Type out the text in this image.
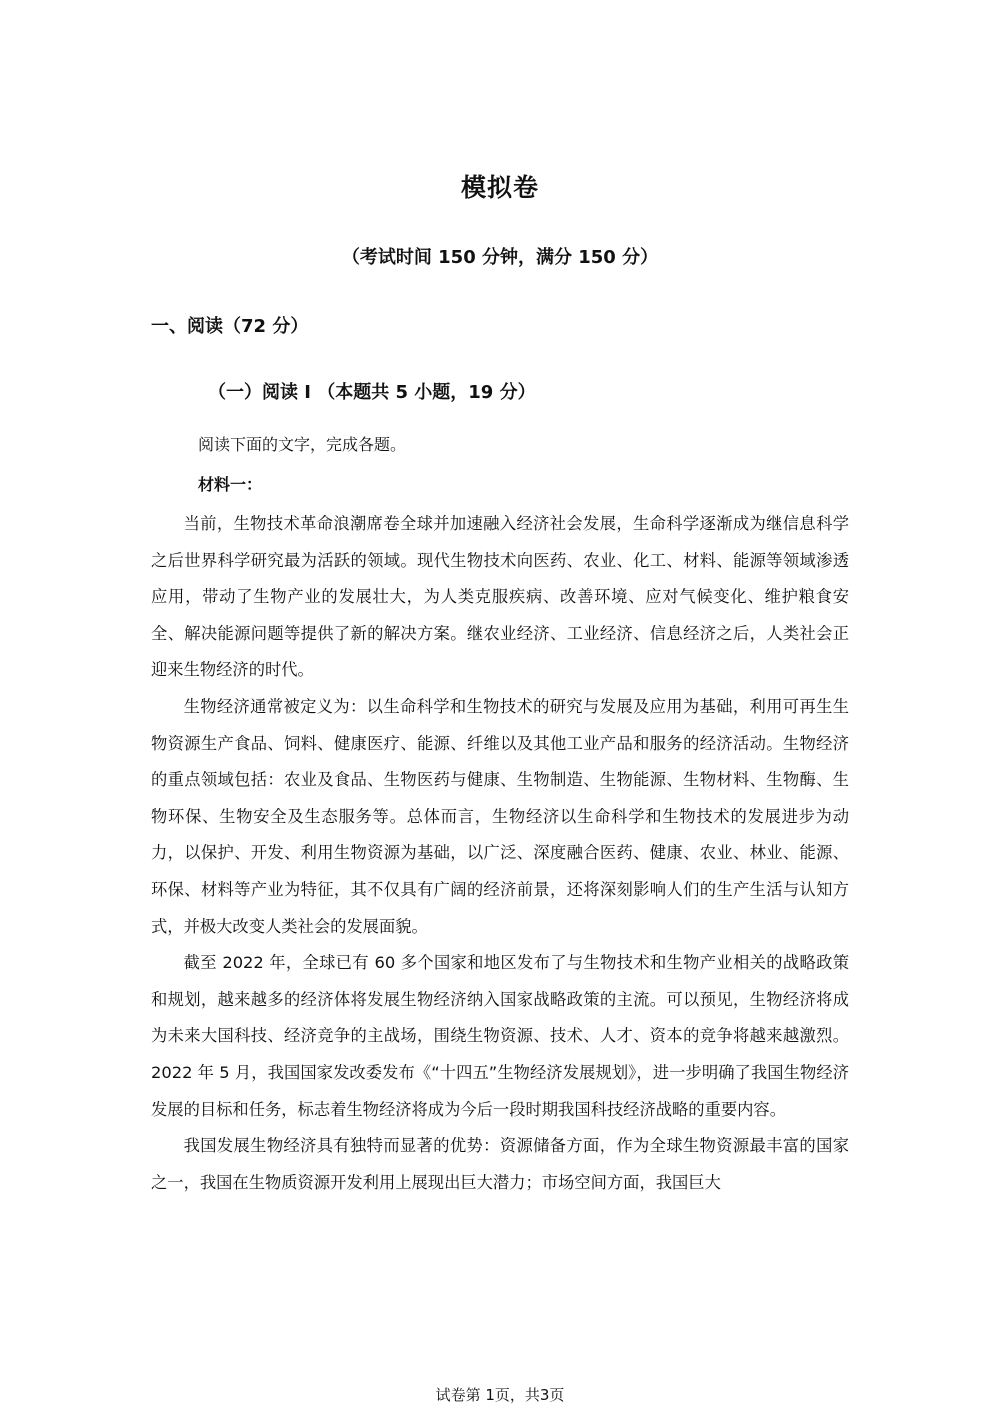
模拟卷
（考试时间 150 分钟，满分 150 分）
一、阅读（72 分）
（一）阅读 I （本题共 5 小题，19 分）
阅读下面的文字，完成各题。
材料一：

当前，生物技术革命浪潮席卷全球并加速融入经济社会发展，生命科学逐渐成为继信息科学之后世界科学研究最为活跃的领域。现代生物技术向医药、农业、化工、材料、能源等领域渗透应用，带动了生物产业的发展壮大，为人类克服疾病、改善环境、应对气候变化、维护粮食安全、解决能源问题等提供了新的解决方案。继农业经济、工业经济、信息经济之后，人类社会正迎来生物经济的时代。

生物经济通常被定义为：以生命科学和生物技术的研究与发展及应用为基础，利用可再生生物资源生产食品、饲料、健康医疗、能源、纤维以及其他工业产品和服务的经济活动。生物经济的重点领域包括：农业及食品、生物医药与健康、生物制造、生物能源、生物材料、生物酶、生物环保、生物安全及生态服务等。总体而言，生物经济以生命科学和生物技术的发展进步为动力，以保护、开发、利用生物资源为基础，以广泛、深度融合医药、健康、农业、林业、能源、环保、材料等产业为特征，其不仅具有广阔的经济前景，还将深刻影响人们的生产生活与认知方式，并极大改变人类社会的发展面貌。

截至 2022 年，全球已有 60 多个国家和地区发布了与生物技术和生物产业相关的战略政策和规划，越来越多的经济体将发展生物经济纳入国家战略政策的主流。可以预见，生物经济将成为未来大国科技、经济竞争的主战场，围绕生物资源、技术、人才、资本的竞争将越来越激烈。2022 年 5 月，我国国家发改委发布《“十四五”生物经济发展规划》，进一步明确了我国生物经济发展的目标和任务，标志着生物经济将成为今后一段时期我国科技经济战略的重要内容。

我国发展生物经济具有独特而显著的优势：资源储备方面，作为全球生物资源最丰富的国家之一，我国在生物质资源开发利用上展现出巨大潜力；市场空间方面，我国巨大

试卷第 1页，共3页
